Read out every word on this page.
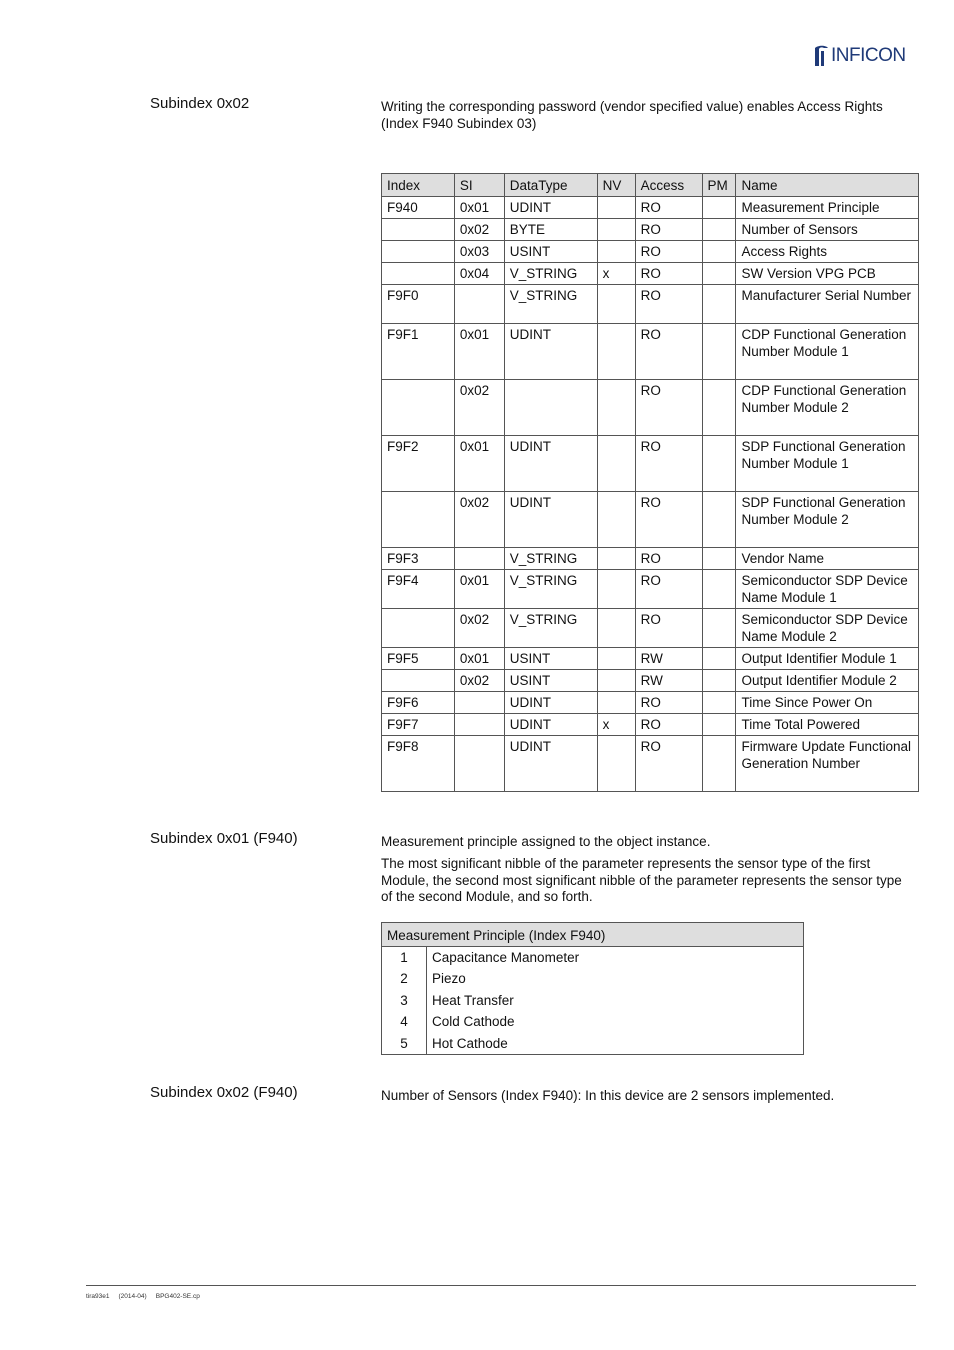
INFICON
Subindex 0x02	Writing the corresponding password (vendor specified value) enables Access Rights (Index F940 Subindex 03)

Index	SI	DataType	NV	Access	PM	Name
F940	0x01	UDINT		RO		Measurement Principle
	0x02	BYTE		RO		Number of Sensors
	0x03	USINT		RO		Access Rights
	0x04	V_STRING	x	RO		SW Version VPG PCB
F9F0		V_STRING		RO		Manufacturer Serial Number
F9F1	0x01	UDINT		RO		CDP Functional Generation Number Module 1
	0x02			RO		CDP Functional Generation Number Module 2
F9F2	0x01	UDINT		RO		SDP Functional Generation Number Module 1
	0x02	UDINT		RO		SDP Functional Generation Number Module 2
F9F3		V_STRING		RO		Vendor Name
F9F4	0x01	V_STRING		RO		Semiconductor SDP Device Name Module 1
	0x02	V_STRING		RO		Semiconductor SDP Device Name Module 2
F9F5	0x01	USINT		RW		Output Identifier Module 1
	0x02	USINT		RW		Output Identifier Module 2
F9F6		UDINT		RO		Time Since Power On
F9F7		UDINT	x	RO		Time Total Powered
F9F8		UDINT		RO		Firmware Update Functional Generation Number
Subindex 0x01 (F940)	Measurement principle assigned to the object instance.

The most significant nibble of the parameter represents the sensor type of the first Module, the second most significant nibble of the parameter represents the sensor type of the second Module, and so forth.

Measurement Principle (Index F940)	
1	Capacitance Manometer
2	Piezo
3	Heat Transfer
4	Cold Cathode
5	Hot Cathode
Subindex 0x02 (F940)	Number of Sensors (Index F940): In this device are 2 sensors implemented.

tira93e1     (2014-04)     BPG402-SE.cp
